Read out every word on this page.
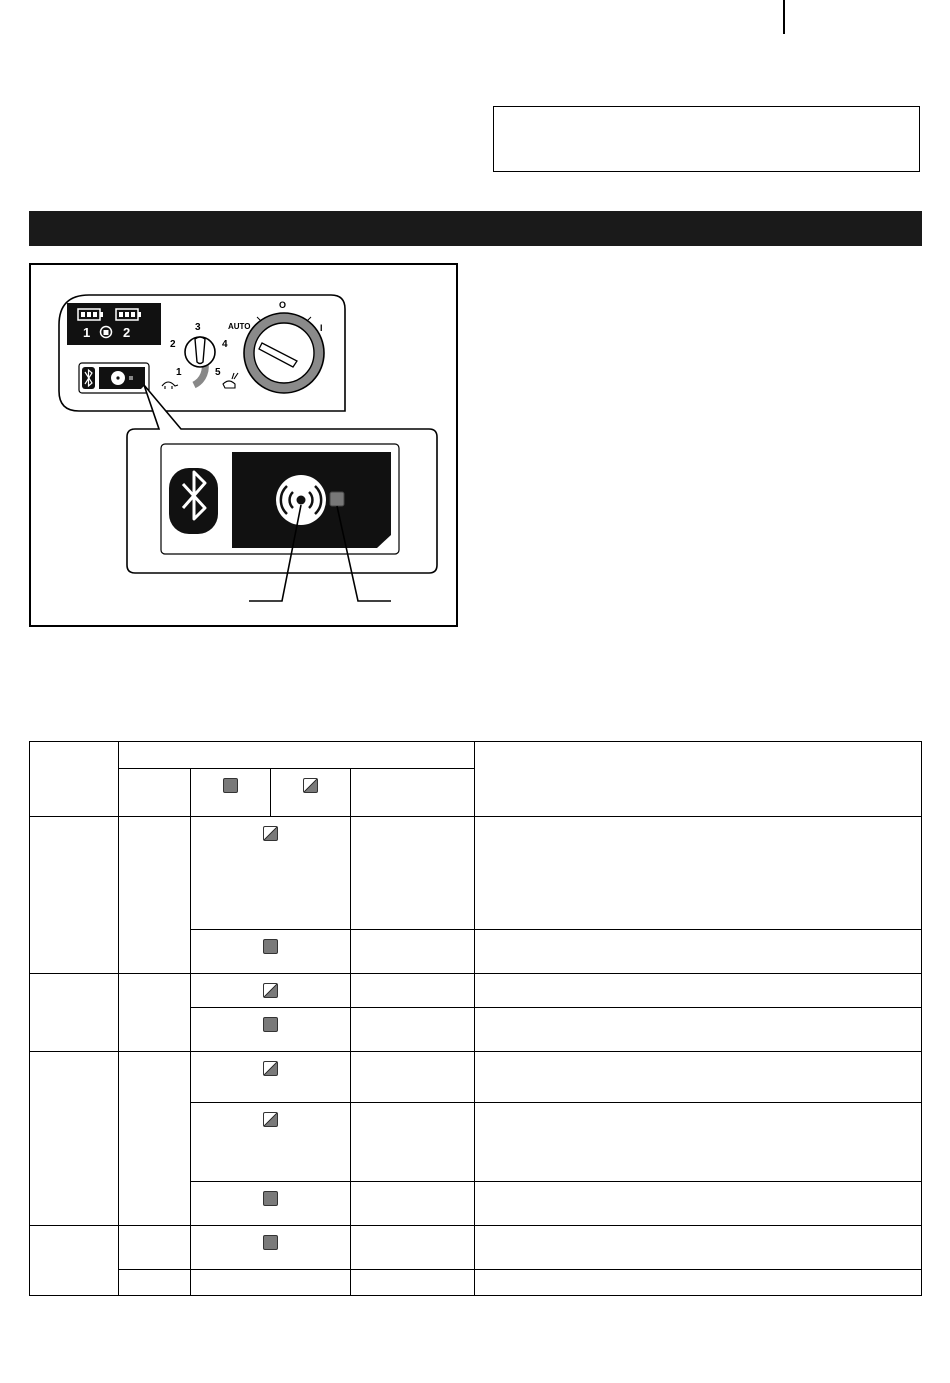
1	2	3
2	4
1	5
AUTO
O
I
